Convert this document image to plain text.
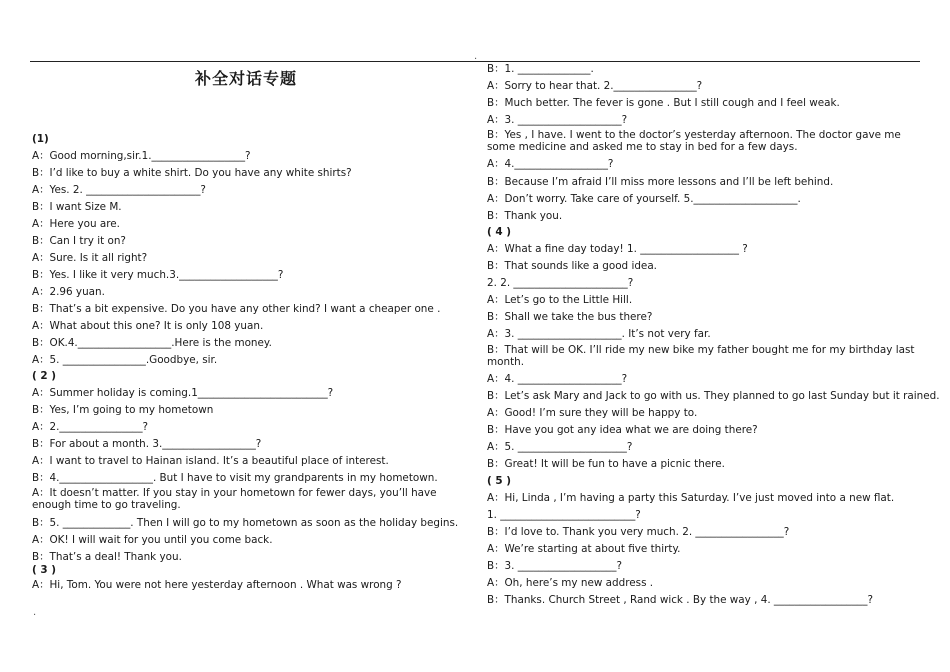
.
.
补全对话专题
(1)
A：Good morning,sir.1.__________________?
B：I’d like to buy a white shirt. Do you have any white shirts?
A：Yes. 2. ______________________?
B：I want Size M.
A：Here you are.
B：Can I try it on?
A：Sure. Is it all right?
B：Yes. I like it very much.3.___________________?
A：2.96 yuan.
B：That’s a bit expensive. Do you have any other kind? I want a cheaper one .
A：What about this one? It is only 108 yuan.
B：OK.4.__________________.Here is the money.
A：5. ________________.Goodbye, sir.
( 2 )
A：Summer holiday is coming.1_________________________?
B：Yes, I’m going to my hometown
A：2.________________?
B：For about a month. 3.__________________?
A：I want to travel to Hainan island. It’s a beautiful place of interest.
B：4.__________________. But I have to visit my grandparents in my hometown.
A：It doesn’t matter. If you stay in your hometown for fewer days, you’ll have enough time to go traveling.
B：5. _____________. Then I will go to my hometown as soon as the holiday begins.
A：OK! I will wait for you until you come back.
B：That’s a deal! Thank you.
( 3 )
A：Hi, Tom. You were not here yesterday afternoon . What was wrong ?
B：1. ______________.
A：Sorry to hear that. 2.________________?
B：Much better. The fever is gone . But I still cough and I feel weak.
A：3. ____________________?
B：Yes , I have. I went to the doctor’s yesterday afternoon. The doctor gave me some medicine and asked me to stay in bed for a few days.
A：4.__________________?
B：Because I’m afraid I’ll miss more lessons and I’ll be left behind.
A：Don’t worry. Take care of yourself. 5.____________________.
B：Thank you.
( 4 )
A：What a fine day today! 1. ___________________ ?
B：That sounds like a good idea.
2. 2. ______________________?
A：Let’s go to the Little Hill.
B：Shall we take the bus there?
A：3. ____________________. It’s not very far.
B：That will be OK. I’ll ride my new bike my father bought me for my birthday last month.
A：4. ____________________?
B：Let’s ask Mary and Jack to go with us. They planned to go last Sunday but it rained.
A：Good! I’m sure they will be happy to.
B：Have you got any idea what we are doing there?
A：5. _____________________?
B：Great! It will be fun to have a picnic there.
( 5 )
A：Hi, Linda , I’m having a party this Saturday. I’ve just moved into a new flat.
1. __________________________?
B：I’d love to. Thank you very much. 2. _________________?
A：We’re starting at about five thirty.
B：3. ___________________?
A：Oh, here’s my new address .
B：Thanks. Church Street , Rand wick . By the way , 4. __________________?
